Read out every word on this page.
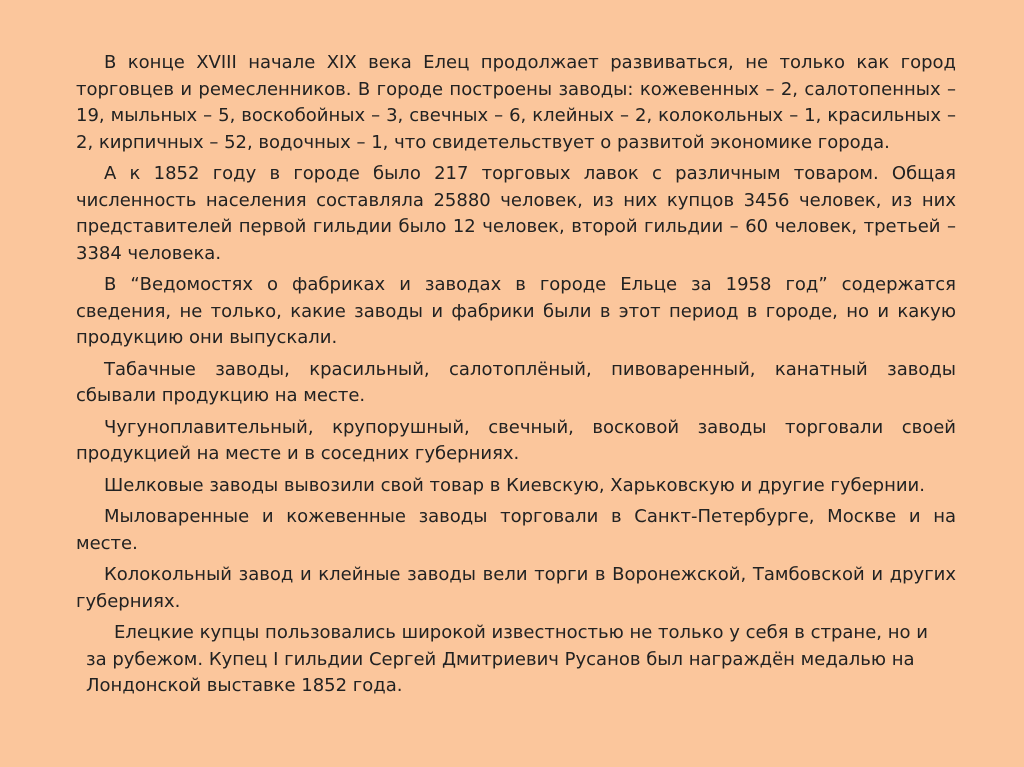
В конце XVIII начале XIX века Елец продолжает развиваться, не только как город торговцев и ремесленников. В городе построены заводы: кожевенных – 2, салотопенных – 19, мыльных – 5, воскобойных – 3, свечных – 6, клейных – 2, колокольных – 1, красильных – 2, кирпичных – 52, водочных – 1, что свидетельствует о развитой экономике города.

А к 1852 году в городе было 217 торговых лавок с различным товаром. Общая численность населения составляла 25880 человек, из них купцов 3456 человек, из них представителей первой гильдии было 12 человек, второй гильдии – 60 человек, третьей – 3384 человека.

В “Ведомостях о фабриках и заводах в городе Ельце за 1958 год” содержатся сведения, не только, какие заводы и фабрики были в этот период в городе, но и какую продукцию они выпускали.

Табачные заводы, красильный, салотоплёный, пивоваренный, канатный заводы сбывали продукцию на месте.

Чугуноплавительный, крупорушный, свечный, восковой заводы торговали своей продукцией на месте и в соседних губерниях.

Шелковые заводы вывозили свой товар в Киевскую, Харьковскую и другие губернии.

Мыловаренные и кожевенные заводы торговали в Санкт-Петербурге, Москве и на месте.

Колокольный завод и клейные заводы вели торги в Воронежской, Тамбовской и других губерниях.

Елецкие купцы пользовались широкой известностью не только у себя в стране, но и за рубежом. Купец I гильдии Сергей Дмитриевич Русанов был награждён медалью на Лондонской выставке 1852 года.
